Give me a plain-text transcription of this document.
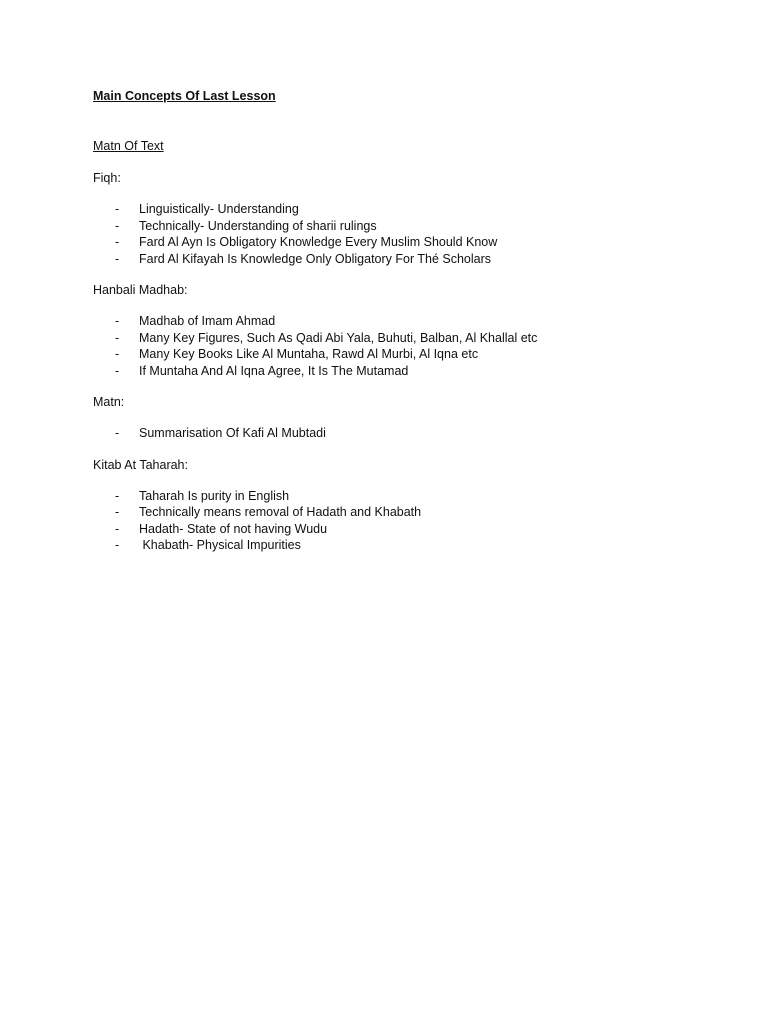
Main Concepts Of Last Lesson
Matn Of Text
Fiqh:
- Linguistically- Understanding
- Technically- Understanding of sharii rulings
- Fard Al Ayn Is Obligatory Knowledge Every Muslim Should Know
- Fard Al Kifayah Is Knowledge Only Obligatory For Thé Scholars
Hanbali Madhab:
- Madhab of Imam Ahmad
- Many Key Figures, Such As Qadi Abi Yala, Buhuti, Balban, Al Khallal etc
- Many Key Books Like Al Muntaha, Rawd Al Murbi, Al Iqna etc
- If Muntaha And Al Iqna Agree, It Is The Mutamad
Matn:
- Summarisation Of Kafi Al Mubtadi
Kitab At Taharah:
- Taharah Is purity in English
- Technically means removal of Hadath and Khabath
- Hadath- State of not having Wudu
- Khabath- Physical Impurities
